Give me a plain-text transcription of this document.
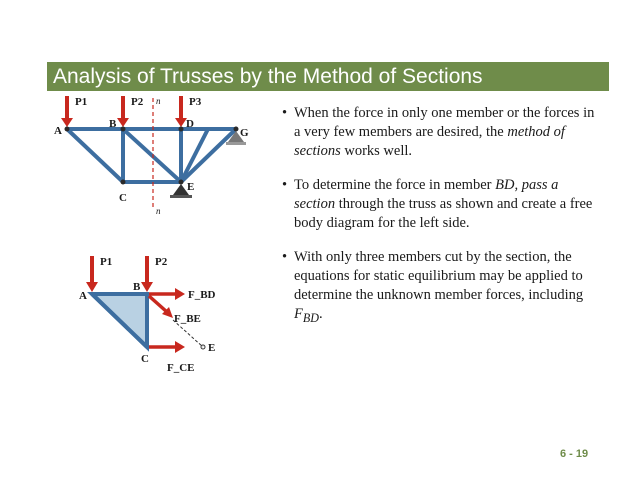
Analysis of Trusses by the Method of Sections
P1	P2	P3
n
n
A
B	D
G
C
E
P1	P2
A
B
C
E
F_BD
F_BE
F_CE
• When the force in only one member or the forces in a very few members are desired, the method of sections works well.
• To determine the force in member BD, pass a section through the truss as shown and create a free body diagram for the left side.
• With only three members cut by the section, the equations for static equilibrium may be applied to determine the unknown member forces, including $F_{BD}$.
6 - 19
